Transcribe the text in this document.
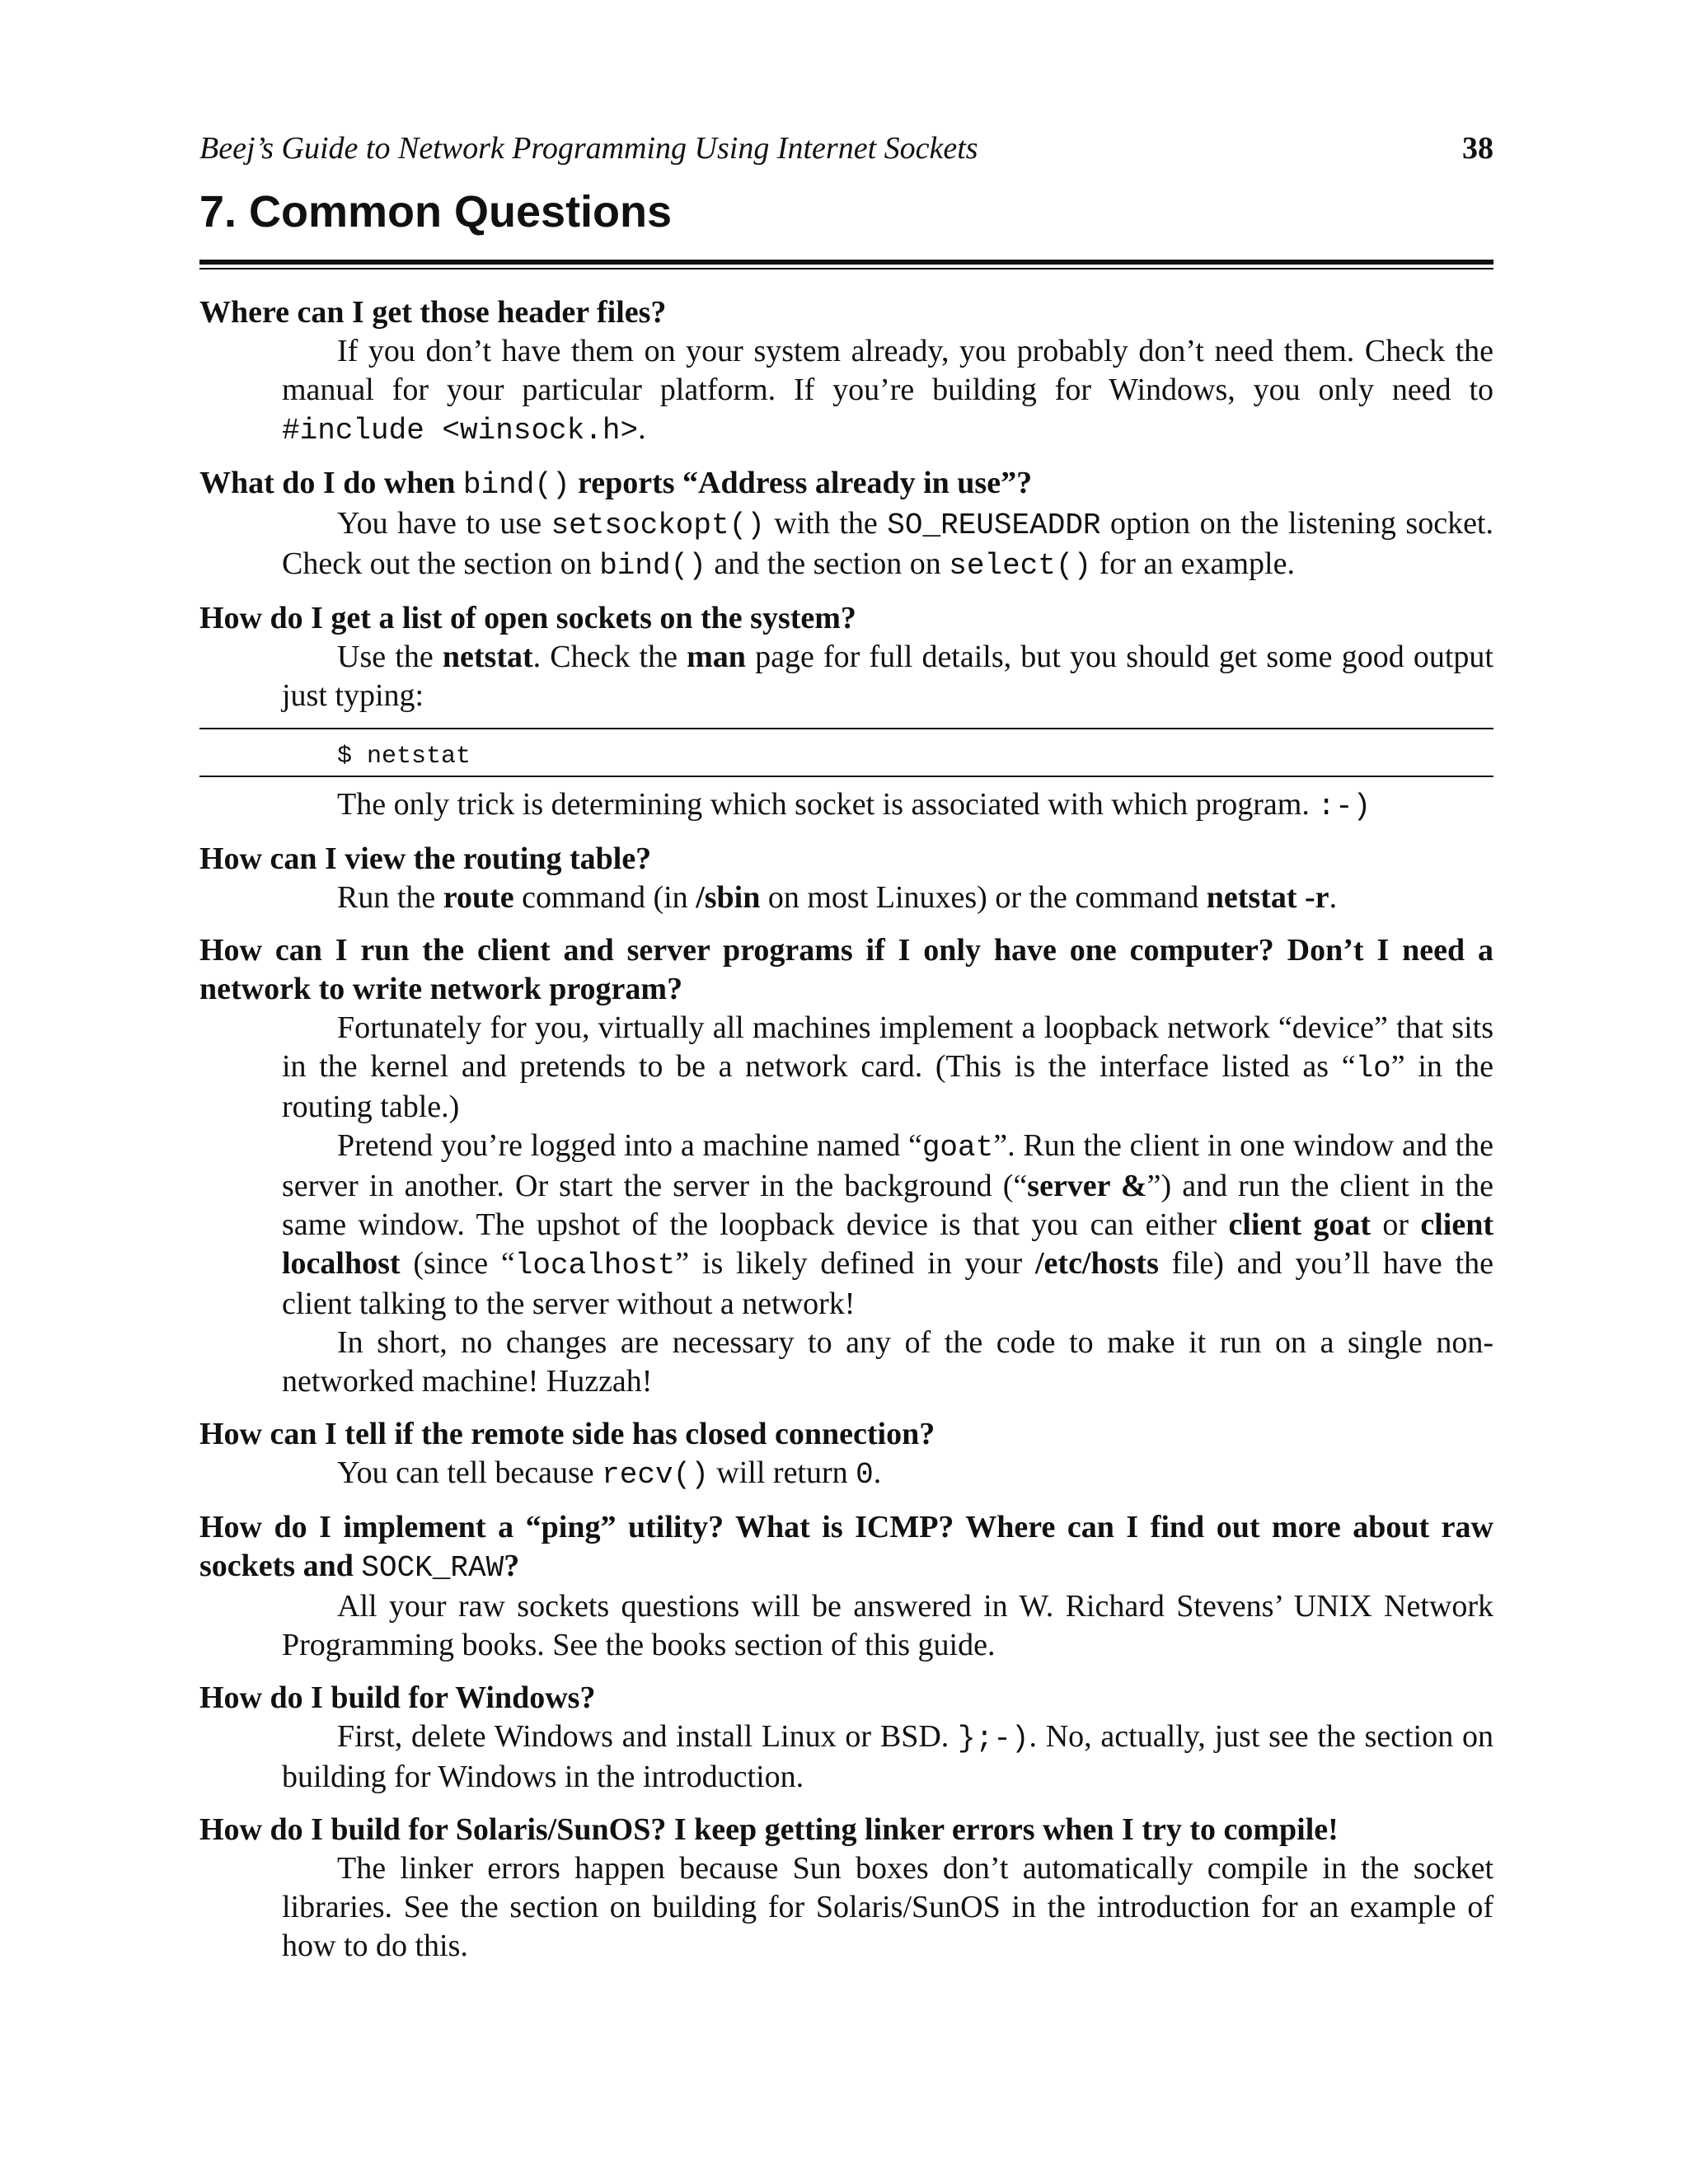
Beej’s Guide to Network Programming Using Internet Sockets	38
7. Common Questions
Where can I get those header files?

If you don’t have them on your system already, you probably don’t need them. Check the manual for your particular platform. If you’re building for Windows, you only need to #include <winsock.h>.

What do I do when bind() reports “Address already in use”?

You have to use setsockopt() with the SO_REUSEADDR option on the listening socket. Check out the section on bind() and the section on select() for an example.

How do I get a list of open sockets on the system?

Use the netstat. Check the man page for full details, but you should get some good output just typing:

$ netstat
The only trick is determining which socket is associated with which program. :-)
How can I view the routing table?

Run the route command (in /sbin on most Linuxes) or the command netstat -r.

How can I run the client and server programs if I only have one computer? Don’t I need a network to write network program?

Fortunately for you, virtually all machines implement a loopback network “device” that sits in the kernel and pretends to be a network card. (This is the interface listed as “lo” in the routing table.)

Pretend you’re logged into a machine named “goat”. Run the client in one window and the server in another. Or start the server in the background (“server &”) and run the client in the same window. The upshot of the loopback device is that you can either client goat or client localhost (since “localhost” is likely defined in your /etc/hosts file) and you’ll have the client talking to the server without a network!

In short, no changes are necessary to any of the code to make it run on a single non-networked machine! Huzzah!

How can I tell if the remote side has closed connection?

You can tell because recv() will return 0.

How do I implement a “ping” utility? What is ICMP? Where can I find out more about raw sockets and SOCK_RAW?

All your raw sockets questions will be answered in W. Richard Stevens’ UNIX Network Programming books. See the books section of this guide.

How do I build for Windows?

First, delete Windows and install Linux or BSD. };-). No, actually, just see the section on building for Windows in the introduction.

How do I build for Solaris/SunOS? I keep getting linker errors when I try to compile!

The linker errors happen because Sun boxes don’t automatically compile in the socket libraries. See the section on building for Solaris/SunOS in the introduction for an example of how to do this.
